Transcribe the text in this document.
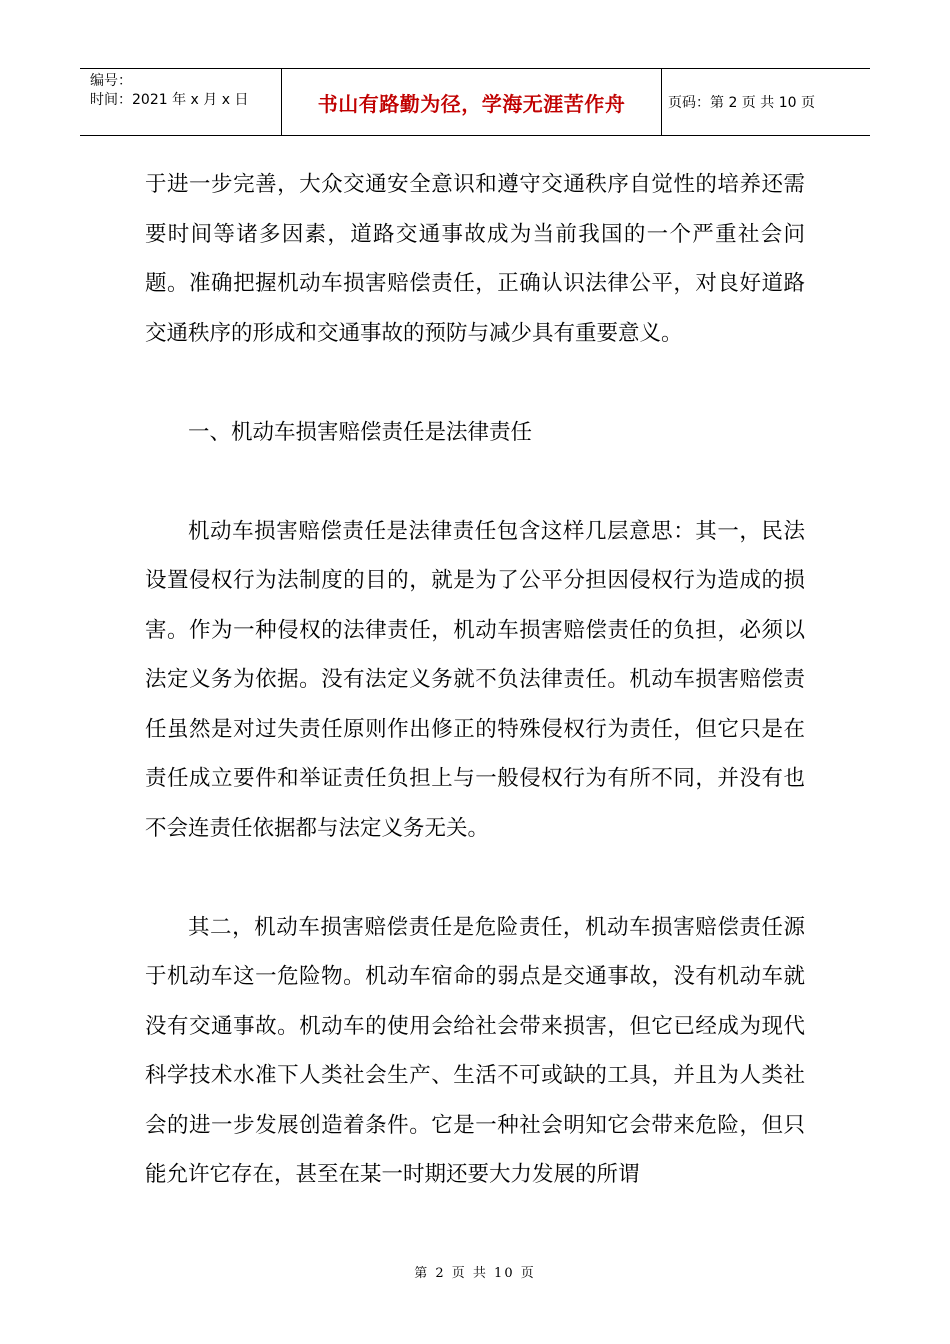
编号：
时间：2021 年 x 月 x 日	书山有路勤为径，学海无涯苦作舟	页码：第 2 页 共 10 页

于进一步完善，大众交通安全意识和遵守交通秩序自觉性的培养还需要时间等诸多因素，道路交通事故成为当前我国的一个严重社会问题。准确把握机动车损害赔偿责任，正确认识法律公平，对良好道路交通秩序的形成和交通事故的预防与减少具有重要意义。

一、机动车损害赔偿责任是法律责任

机动车损害赔偿责任是法律责任包含这样几层意思：其一，民法设置侵权行为法制度的目的，就是为了公平分担因侵权行为造成的损害。作为一种侵权的法律责任，机动车损害赔偿责任的负担，必须以法定义务为依据。没有法定义务就不负法律责任。机动车损害赔偿责任虽然是对过失责任原则作出修正的特殊侵权行为责任，但它只是在责任成立要件和举证责任负担上与一般侵权行为有所不同，并没有也不会连责任依据都与法定义务无关。

其二，机动车损害赔偿责任是危险责任，机动车损害赔偿责任源于机动车这一危险物。机动车宿命的弱点是交通事故，没有机动车就没有交通事故。机动车的使用会给社会带来损害，但它已经成为现代科学技术水准下人类社会生产、生活不可或缺的工具，并且为人类社会的进一步发展创造着条件。它是一种社会明知它会带来危险，但只能允许它存在，甚至在某一时期还要大力发展的所谓

第 2 页 共 10 页
